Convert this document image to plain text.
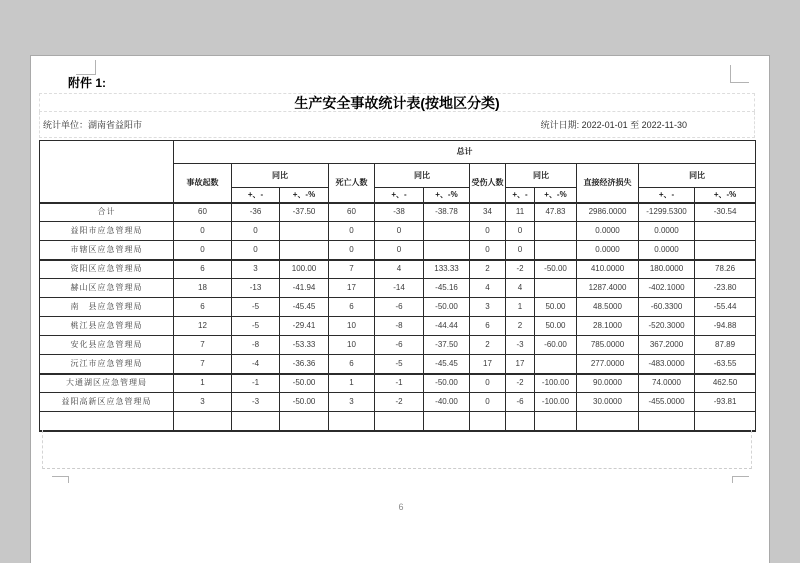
附件 1:
生产安全事故统计表(按地区分类)
统计单位：湖南省益阳市	统计日期: 2022-01-01 至 2022-11-30
	总计											
	事故起数	同比		死亡人数	同比		受伤人数	同比		直接经济损失	同比	
		+、-	+、-%		+、-	+、-%		+、-	+、-%		+、-	+、-%
合计	60	-36	-37.50	60	-38	-38.78	34	11	47.83	2986.0000	-1299.5300	-30.54
益阳市应急管理局	0	0		0	0		0	0		0.0000	0.0000	
市辖区应急管理局	0	0		0	0		0	0		0.0000	0.0000	
资阳区应急管理局	6	3	100.00	7	4	133.33	2	-2	-50.00	410.0000	180.0000	78.26
赫山区应急管理局	18	-13	-41.94	17	-14	-45.16	4	4		1287.4000	-402.1000	-23.80
南　县应急管理局	6	-5	-45.45	6	-6	-50.00	3	1	50.00	48.5000	-60.3300	-55.44
桃江县应急管理局	12	-5	-29.41	10	-8	-44.44	6	2	50.00	28.1000	-520.3000	-94.88
安化县应急管理局	7	-8	-53.33	10	-6	-37.50	2	-3	-60.00	785.0000	367.2000	87.89
沅江市应急管理局	7	-4	-36.36	6	-5	-45.45	17	17		277.0000	-483.0000	-63.55
大通湖区应急管理局	1	-1	-50.00	1	-1	-50.00	0	-2	-100.00	90.0000	74.0000	462.50
益阳高新区应急管理局	3	-3	-50.00	3	-2	-40.00	0	-6	-100.00	30.0000	-455.0000	-93.81

6
